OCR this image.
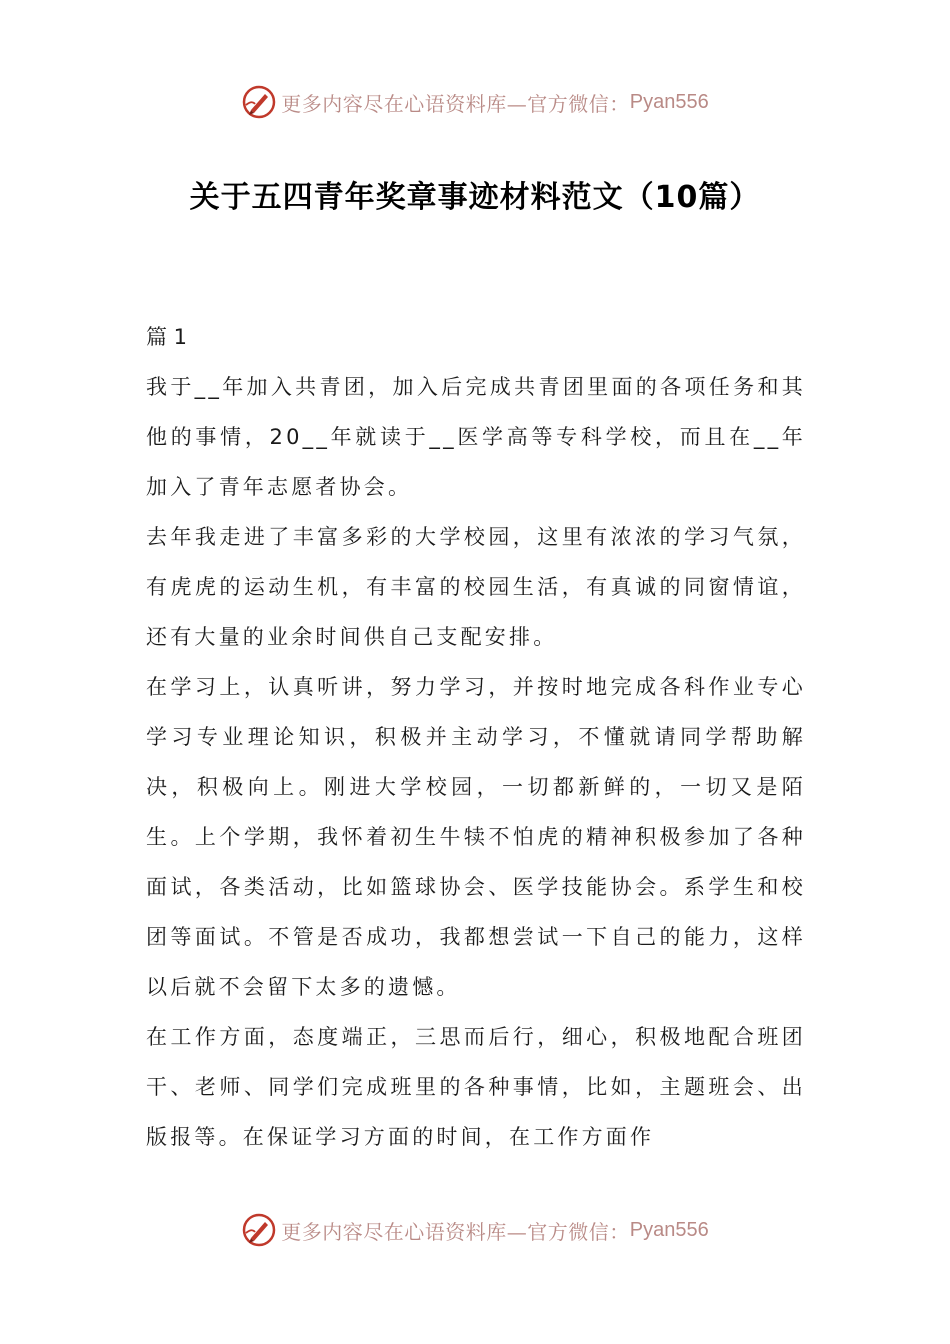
更多内容尽在心语资料库—官方微信： Pyan556
关于五四青年奖章事迹材料范文（10篇）

篇 1

我于__年加入共青团，加入后完成共青团里面的各项任务和其他的事情，20__年就读于__医学高等专科学校，而且在__年加入了青年志愿者协会。

去年我走进了丰富多彩的大学校园，这里有浓浓的学习气氛，有虎虎的运动生机，有丰富的校园生活，有真诚的同窗情谊，还有大量的业余时间供自己支配安排。

在学习上，认真听讲，努力学习，并按时地完成各科作业专心学习专业理论知识，积极并主动学习，不懂就请同学帮助解决，积极向上。刚进大学校园，一切都新鲜的，一切又是陌生。上个学期，我怀着初生牛犊不怕虎的精神积极参加了各种面试，各类活动，比如篮球协会、医学技能协会。系学生和校团等面试。不管是否成功，我都想尝试一下自己的能力，这样以后就不会留下太多的遗憾。

在工作方面，态度端正，三思而后行，细心，积极地配合班团干、老师、同学们完成班里的各种事情，比如，主题班会、出版报等。在保证学习方面的时间，在工作方面作

更多内容尽在心语资料库—官方微信： Pyan556
